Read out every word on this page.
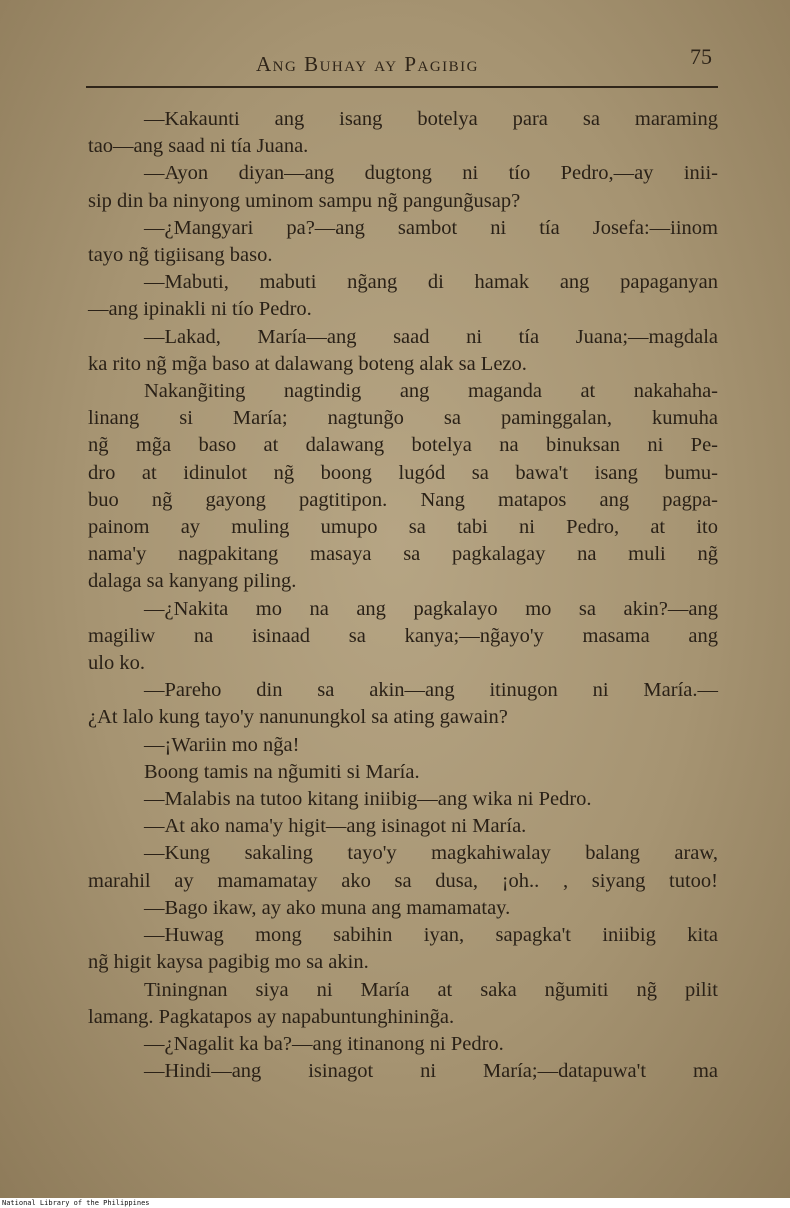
Ang Buhay ay Pagibig	75
—Kakaunti ang isang botelya para sa maraming
tao—ang saad ni tía Juana.
—Ayon diyan—ang dugtong ni tío Pedro,—ay inii-
sip din ba ninyong uminom sampu ng̃ pangung̃usap?
—¿Mangyari pa?—ang sambot ni tía Josefa:—iinom
tayo ng̃ tigiisang baso.
—Mabuti, mabuti ng̃ang di hamak ang papaganyan
—ang ipinakli ni tío Pedro.
—Lakad, María—ang saad ni tía Juana;—magdala
ka rito ng̃ mg̃a baso at dalawang boteng alak sa Lezo.
Nakang̃iting nagtindig ang maganda at nakahaha-
linang si María; nagtung̃o sa paminggalan, kumuha
ng̃ mg̃a baso at dalawang botelya na binuksan ni Pe-
dro at idinulot ng̃ boong lugód sa bawa't isang bumu-
buo ng̃ gayong pagtitipon. Nang matapos ang pagpa-
painom ay muling umupo sa tabi ni Pedro, at ito
nama'y nagpakitang masaya sa pagkalagay na muli ng̃
dalaga sa kanyang piling.
—¿Nakita mo na ang pagkalayo mo sa akin?—ang
magiliw na isinaad sa kanya;—ng̃ayo'y masama ang
ulo ko.
—Pareho din sa akin—ang itinugon ni María.—
¿At lalo kung tayo'y nanunungkol sa ating gawain?
—¡Wariin mo ng̃a!
Boong tamis na ng̃umiti si María.
—Malabis na tutoo kitang iniibig—ang wika ni Pedro.
—At ako nama'y higit—ang isinagot ni María.
—Kung sakaling tayo'y magkahiwalay balang araw,
marahil ay mamamatay ako sa dusa, ¡oh.. , siyang tutoo!
—Bago ikaw, ay ako muna ang mamamatay.
—Huwag mong sabihin iyan, sapagka't iniibig kita
ng̃ higit kaysa pagibig mo sa akin.
Tiningnan siya ni María at saka ng̃umiti ng̃ pilit
lamang. Pagkatapos ay napabuntunghining̃a.
—¿Nagalit ka ba?—ang itinanong ni Pedro.
—Hindi—ang isinagot ni María;—datapuwa't ma
National Library of the Philippines
